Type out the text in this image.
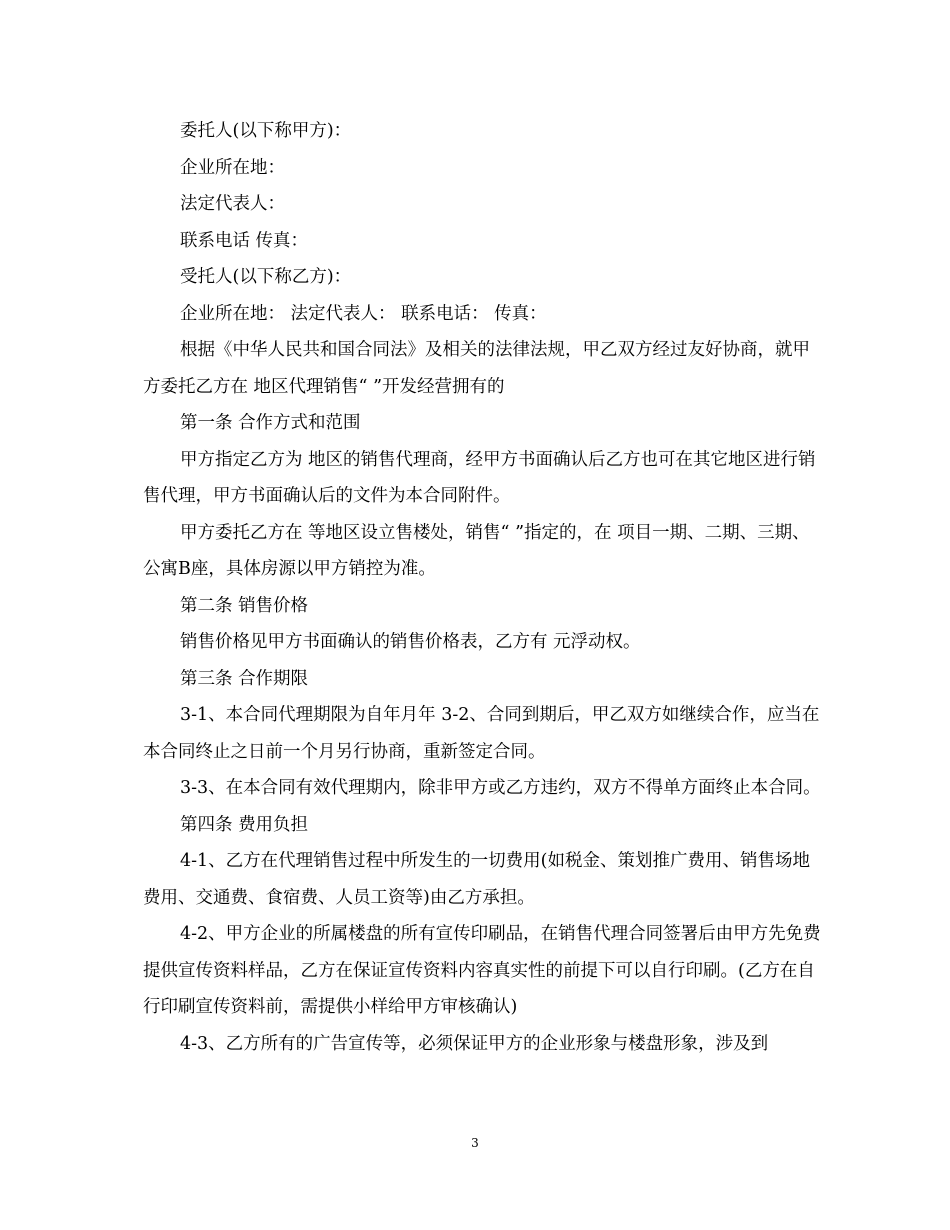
委托人(以下称甲方)：

企业所在地：

法定代表人：

联系电话 传真：

受托人(以下称乙方)：

企业所在地： 法定代表人： 联系电话： 传真：

根据《中华人民共和国合同法》及相关的法律法规，甲乙双方经过友好协商，就甲方委托乙方在 地区代理销售“ ”开发经营拥有的

第一条 合作方式和范围

甲方指定乙方为 地区的销售代理商，经甲方书面确认后乙方也可在其它地区进行销售代理，甲方书面确认后的文件为本合同附件。

甲方委托乙方在 等地区设立售楼处，销售“ ”指定的，在 项目一期、二期、三期、公寓B座，具体房源以甲方销控为准。

第二条 销售价格

销售价格见甲方书面确认的销售价格表，乙方有 元浮动权。

第三条 合作期限

3-1、本合同代理期限为自年月年 3-2、合同到期后，甲乙双方如继续合作，应当在本合同终止之日前一个月另行协商，重新签定合同。

3-3、在本合同有效代理期内，除非甲方或乙方违约，双方不得单方面终止本合同。

第四条 费用负担

4-1、乙方在代理销售过程中所发生的一切费用(如税金、策划推广费用、销售场地费用、交通费、食宿费、人员工资等)由乙方承担。

4-2、甲方企业的所属楼盘的所有宣传印刷品，在销售代理合同签署后由甲方先免费提供宣传资料样品，乙方在保证宣传资料内容真实性的前提下可以自行印刷。(乙方在自行印刷宣传资料前，需提供小样给甲方审核确认)

4-3、乙方所有的广告宣传等，必须保证甲方的企业形象与楼盘形象，涉及到

3
